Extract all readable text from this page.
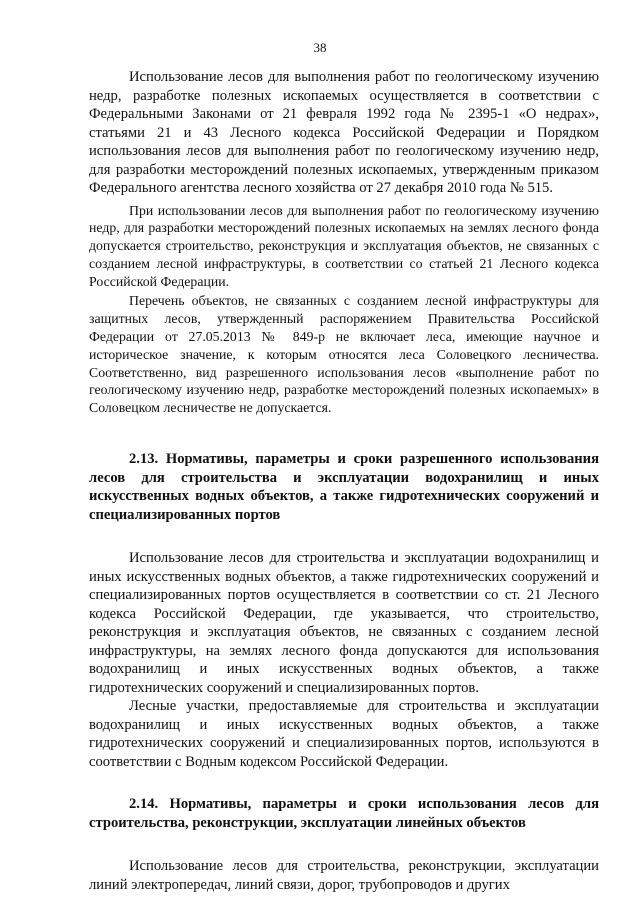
38

Использование лесов для выполнения работ по геологическому изучению недр, разработке полезных ископаемых осуществляется в соответствии с Федеральными Законами от 21 февраля 1992 года № 2395-1 «О недрах», статьями 21 и 43 Лесного кодекса Российской Федерации и Порядком использования лесов для выполнения работ по геологическому изучению недр, для разработки месторождений полезных ископаемых, утвержденным приказом Федерального агентства лесного хозяйства от 27 декабря 2010 года № 515.

При использовании лесов для выполнения работ по геологическому изучению недр, для разработки месторождений полезных ископаемых на землях лесного фонда допускается строительство, реконструкция и эксплуатация объектов, не связанных с созданием лесной инфраструктуры, в соответствии со статьей 21 Лесного кодекса Российской Федерации.

Перечень объектов, не связанных с созданием лесной инфраструктуры для защитных лесов, утвержденный распоряжением Правительства Российской Федерации от 27.05.2013 № 849-р не включает леса, имеющие научное и историческое значение, к которым относятся леса Соловецкого лесничества. Соответственно, вид разрешенного использования лесов «выполнение работ по геологическому изучению недр, разработке месторождений полезных ископаемых» в Соловецком лесничестве не допускается.

2.13. Нормативы, параметры и сроки разрешенного использования лесов для строительства и эксплуатации водохранилищ и иных искусственных водных объектов, а также гидротехнических сооружений и специализированных портов

Использование лесов для строительства и эксплуатации водохранилищ и иных искусственных водных объектов, а также гидротехнических сооружений и специализированных портов осуществляется в соответствии со ст. 21 Лесного кодекса Российской Федерации, где указывается, что строительство, реконструкция и эксплуатация объектов, не связанных с созданием лесной инфраструктуры, на землях лесного фонда допускаются для использования водохранилищ и иных искусственных водных объектов, а также гидротехнических сооружений и специализированных портов.

Лесные участки, предоставляемые для строительства и эксплуатации водохранилищ и иных искусственных водных объектов, а также гидротехнических сооружений и специализированных портов, используются в соответствии с Водным кодексом Российской Федерации.

2.14. Нормативы, параметры и сроки использования лесов для строительства, реконструкции, эксплуатации линейных объектов

Использование лесов для строительства, реконструкции, эксплуатации линий электропередач, линий связи, дорог, трубопроводов и других
